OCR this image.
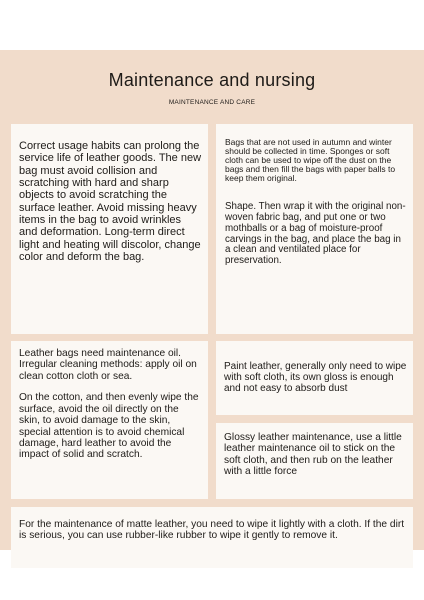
Maintenance and nursing
MAINTENANCE AND CARE

Correct usage habits can prolong the service life of leather goods. The new bag must avoid collision and scratching with hard and sharp objects to avoid scratching the surface leather. Avoid missing heavy items in the bag to avoid wrinkles and deformation. Long-term direct light and heating will discolor, change color and deform the bag.

Bags that are not used in autumn and winter should be collected in time. Sponges or soft cloth can be used to wipe off the dust on the bags and then fill the bags with paper balls to keep them original.

Shape. Then wrap it with the original non-woven fabric bag, and put one or two mothballs or a bag of moisture-proof carvings in the bag, and place the bag in a clean and ventilated place for preservation.

Leather bags need maintenance oil. Irregular cleaning methods: apply oil on clean cotton cloth or sea.

On the cotton, and then evenly wipe the surface, avoid the oil directly on the skin, to avoid damage to the skin, special attention is to avoid chemical damage, hard leather to avoid the impact of solid and scratch.

Paint leather, generally only need to wipe with soft cloth, its own gloss is enough and not easy to absorb dust

Glossy leather maintenance, use a little leather maintenance oil to stick on the soft cloth, and then rub on the leather with a little force

For the maintenance of matte leather, you need to wipe it lightly with a cloth. If the dirt is serious, you can use rubber-like rubber to wipe it gently to remove it.
